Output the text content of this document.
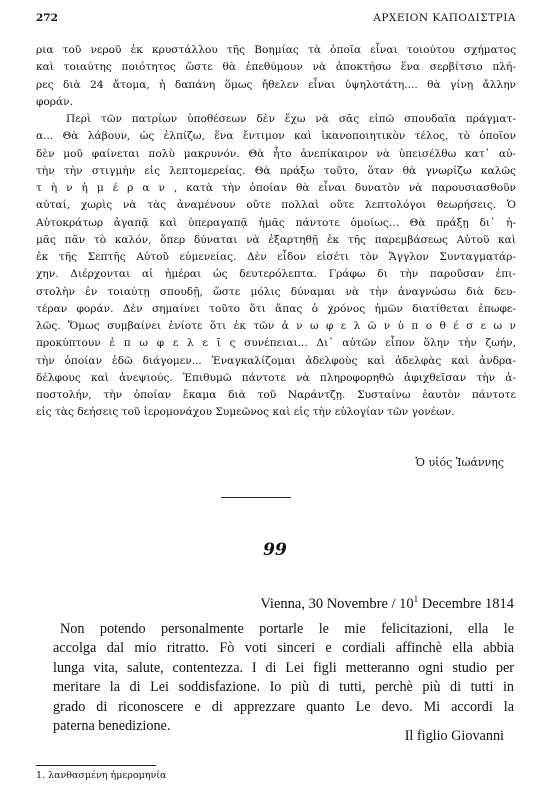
272	ΑΡΧΕΙΟΝ ΚΑΠΟΔΙΣΤΡΙΑ
ρια τοῦ νεροῦ ἐκ κρυστάλλου τῆς Βοημίας τὰ ὁποῖα εἶναι τοιούτου σχήματος
καὶ τοιαύτης ποιότητος ὥστε θὰ ἐπεθύμουν νὰ ἀποκτήσω ἕνα σερβίτσιο πλή-
ρες διὰ 24 ἄτομα, ἡ δαπάνη ὅμως ἤθελεν εἶναι ὑψηλοτάτη.... θὰ γίνῃ ἄλλην
φοράν.
Περὶ τῶν πατρίων ὑποθέσεων δὲν ἔχω νὰ σᾶς εἰπῶ σπουδαῖα πράγματ-
α... Θὰ λάβουν, ὡς ἐλπίζω, ἕνα ἔντιμον καὶ ἱκανοποιητικὸν τέλος, τὸ ὁποῖον
δὲν μοῦ φαίνεται πολὺ μακρυνόν. Θὰ ἦτο ἀνεπίκαιρον νὰ ὑπεισέλθω κατ᾽ αὐ-
τὴν τὴν στιγμὴν εἰς λεπτομερείας. Θὰ πράξω τοῦτο, ὅταν θὰ γνωρίζω καλῶς
τ ὴ ν ἡ μ έ ρ α ν , κατὰ τὴν ὁποίαν θὰ εἶναι δυνατὸν νὰ παρουσιασθοῦν
αὐταί, χωρὶς νὰ τὰς ἀναμένουν οὔτε πολλαὶ οὔτε λεπτολόγοι θεωρήσεις. Ὁ
Αὐτοκράτωρ ἀγαπᾷ καὶ ὑπεραγαπᾷ ἡμᾶς πάντοτε ὁμοίως... Θὰ πράξῃ δι᾽ ἡ-
μᾶς πᾶν τὸ καλόν, ὅπερ δύναται νὰ ἐξαρτηθῇ ἐκ τῆς παρεμβάσεως Αὐτοῦ καὶ
ἐκ τῆς Σεπτῆς Αὐτοῦ εὐμενείας. Δὲν εἶδον εἰσέτι τὸν Ἄγγλον Συνταγματάρ-
χην. Διέρχονται αἱ ἡμέραι ὡς δευτερόλεπτα. Γράφω δι τὴν παροῦσαν ἐπι-
στολὴν ἐν τοιαύτῃ σπουδῇ, ὥστε μόλις δύναμαι νὰ τὴν ἀναγνώσω διὰ δευ-
τέραν φοράν. Δὲν σημαίνει τοῦτο ὅτι ἅπας ὁ χρόνος ἡμῶν διατίθεται ἐπωφε-
λῶς. Ὅμως συμβαίνει ἐνίοτε ὅτι ἐκ τῶν ἀ ν ω φ ε λ ῶ ν ὑ π ο θ έ σ ε ω ν
προκύπτουν ἐ π ω φ ε λ ε ῖ ς συνέπειαι... Δι᾽ αὐτῶν εἶπον ὅλην τὴν ζωήν,
τὴν ὁποίαν ἐδῶ διάγομεν... Ἐναγκαλίζομαι ἀδελφοὺς καὶ ἀδελφὰς καὶ ἀνδρα-
δέλφους καὶ ἀνεψιούς. Ἐπιθυμῶ πάντοτε νὰ πληροφορηθῶ ἀφιχθεῖσαν τὴν ἀ-
ποστολήν, τὴν ὁποίαν ἔκαμα διὰ τοῦ Ναράντζῃ. Συσταίνω ἑαυτὸν πάντοτε
εἰς τὰς δεήσεις τοῦ ἱερομονάχου Συμεῶνος καὶ εἰς τὴν εὐλογίαν τῶν γονέων.
Ὁ υἱός Ἰωάννης
99
Vienna, 30 Novembre / $10^1$ Decembre 1814
Non potendo personalmente portarle le mie felicitazioni, ella le
accolga dal mio ritratto. Fò voti sinceri e cordiali affinchè ella abbia
lunga vita, salute, contentezza. I di Lei figli metteranno ogni studio per
meritare la di Lei soddisfazione. Io più di tutti, perchè più di tutti in
grado di riconoscere e di apprezzare quanto Le devo. Mi accordi la
paterna benedizione.
Il figlio Giovanni
1. λανθασμένη ἡμερομηνία
